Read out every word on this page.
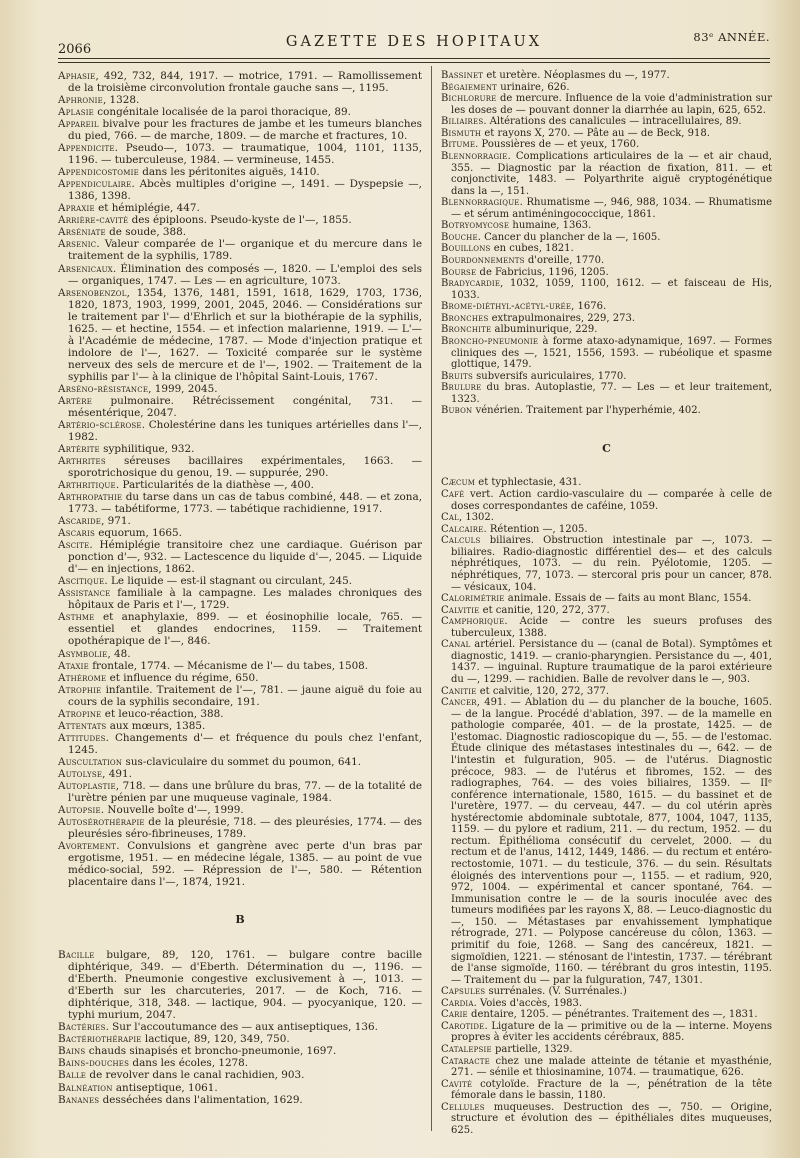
2066	GAZETTE DES HOPITAUX	83ᵉ ANNÉE.

Aphasie, 492, 732, 844, 1917. — motrice, 1791. — Ramollissement de la troisième circonvolution frontale gauche sans —, 1195.

Aphronie, 1328.

Aplasie congénitale localisée de la paroi thoracique, 89.

Appareil bivalve pour les fractures de jambe et les tumeurs blanches du pied, 766. — de marche, 1809. — de marche et fractures, 10.

Appendicite. Pseudo—, 1073. — traumatique, 1004, 1101, 1135, 1196. — tuberculeuse, 1984. — vermineuse, 1455.

Appendicostomie dans les péritonites aiguës, 1410.

Appendiculaire. Abcès multiples d'origine —, 1491. — Dyspepsie —, 1386, 1398.

Apraxie et hémiplégie, 447.

Arrière-cavité des épiploons. Pseudo-kyste de l'—, 1855.

Arséniate de soude, 388.

Arsenic. Valeur comparée de l'— organique et du mercure dans le traitement de la syphilis, 1789.

Arsenicaux. Élimination des composés —, 1820. — L'emploi des sels — organiques, 1747. — Les — en agriculture, 1073.

Arsenobenzol, 1354, 1376, 1481, 1591, 1618, 1629, 1703, 1736, 1820, 1873, 1903, 1999, 2001, 2045, 2046. — Considérations sur le traitement par l'— d'Ehrlich et sur la biothérapie de la syphilis, 1625. — et hectine, 1554. — et infection malarienne, 1919. — L'— à l'Académie de médecine, 1787. — Mode d'injection pratique et indolore de l'—, 1627. — Toxicité comparée sur le système nerveux des sels de mercure et de l'—, 1902. — Traitement de la syphilis par l'— à la clinique de l'hôpital Saint-Louis, 1767.

Arséno-résistance, 1999, 2045.

Artère pulmonaire. Rétrécissement congénital, 731. — mésentérique, 2047.

Artério-sclérose. Cholestérine dans les tuniques artérielles dans l'—, 1982.

Artérite syphilitique, 932.

Arthrites séreuses bacillaires expérimentales, 1663. — sporotrichosique du genou, 19. — suppurée, 290.

Arthritique. Particularités de la diathèse —, 400.

Arthropathie du tarse dans un cas de tabus combiné, 448. — et zona, 1773. — tabétiforme, 1773. — tabétique rachidienne, 1917.

Ascaride, 971.

Ascaris equorum, 1665.

Ascite. Hémiplégie transitoire chez une cardiaque. Guérison par ponction d'—, 932. — Lactescence du liquide d'—, 2045. — Liquide d'— en injections, 1862.

Ascitique. Le liquide — est-il stagnant ou circulant, 245.

Assistance familiale à la campagne. Les malades chroniques des hôpitaux de Paris et l'—, 1729.

Asthme et anaphylaxie, 899. — et éosinophilie locale, 765. — essentiel et glandes endocrines, 1159. — Traitement opothérapique de l'—, 846.

Asymbolie, 48.

Ataxie frontale, 1774. — Mécanisme de l'— du tabes, 1508.

Athérome et influence du régime, 650.

Atrophie infantile. Traitement de l'—, 781. — jaune aiguë du foie au cours de la syphilis secondaire, 191.

Atropine et leuco-réaction, 388.

Attentats aux mœurs, 1385.

Attitudes. Changements d'— et fréquence du pouls chez l'enfant, 1245.

Auscultation sus-claviculaire du sommet du poumon, 641.

Autolyse, 491.

Autoplastie, 718. — dans une brûlure du bras, 77. — de la totalité de l'urètre pénien par une muqueuse vaginale, 1984.

Autopsie. Nouvelle boîte d'—, 1999.

Autosérothérapie de la pleurésie, 718. — des pleurésies, 1774. — des pleurésies séro-fibrineuses, 1789.

Avortement. Convulsions et gangrène avec perte d'un bras par ergotisme, 1951. — en médecine légale, 1385. — au point de vue médico-social, 592. — Répression de l'—, 580. — Rétention placentaire dans l'—, 1874, 1921.

B

Bacille bulgare, 89, 120, 1761. — bulgare contre bacille diphtérique, 349. — d'Eberth. Détermination du —, 1196. — d'Eberth. Pneumonie congestive exclusivement à —, 1013. — d'Eberth sur les charcuteries, 2017. — de Koch, 716. — diphtérique, 318, 348. — lactique, 904. — pyocyanique, 120. — typhi murium, 2047.

Bactéries. Sur l'accoutumance des — aux antiseptiques, 136.

Bactériothérapie lactique, 89, 120, 349, 750.

Bains chauds sinapisés et broncho-pneumonie, 1697.

Bains-douches dans les écoles, 1278.

Balle de revolver dans le canal rachidien, 903.

Balnéation antiseptique, 1061.

Bananes desséchées dans l'alimentation, 1629.

Bassinet et uretère. Néoplasmes du —, 1977.

Bégaiement urinaire, 626.

Bichlorure de mercure. Influence de la voie d'administration sur les doses de — pouvant donner la diarrhée au lapin, 625, 652.

Biliaires. Altérations des canalicules — intracellulaires, 89.

Bismuth et rayons X, 270. — Pâte au — de Beck, 918.

Bitume. Poussières de — et yeux, 1760.

Blennorragie. Complications articulaires de la — et air chaud, 355. — Diagnostic par la réaction de fixation, 811. — et conjonctivite, 1483. — Polyarthrite aiguë cryptogénétique dans la —, 151.

Blennorragique. Rhumatisme —, 946, 988, 1034. — Rhumatisme — et sérum antiméningococcique, 1861.

Botryomycose humaine, 1363.

Bouche. Cancer du plancher de la —, 1605.

Bouillons en cubes, 1821.

Bourdonnements d'oreille, 1770.

Bourse de Fabricius, 1196, 1205.

Bradycardie, 1032, 1059, 1100, 1612. — et faisceau de His, 1033.

Brome-diéthyl-acétyl-urée, 1676.

Bronches extrapulmonaires, 229, 273.

Bronchite albuminurique, 229.

Broncho-pneumonie à forme ataxo-adynamique, 1697. — Formes cliniques des —, 1521, 1556, 1593. — rubéolique et spasme glottique, 1479.

Bruits subversifs auriculaires, 1770.

Brulure du bras. Autoplastie, 77. — Les — et leur traitement, 1323.

Bubon vénérien. Traitement par l'hyperhémie, 402.

C

Cæcum et typhlectasie, 431.

Café vert. Action cardio-vasculaire du — comparée à celle de doses correspondantes de caféine, 1059.

Cal, 1302.

Calcaire. Rétention —, 1205.

Calculs biliaires. Obstruction intestinale par —, 1073. — biliaires. Radio-diagnostic différentiel des— et des calculs néphrétiques, 1073. — du rein. Pyélotomie, 1205. — néphrétiques, 77, 1073. — stercoral pris pour un cancer, 878. — vésicaux, 104.

Calorimétrie animale. Essais de — faits au mont Blanc, 1554.

Calvitie et canitie, 120, 272, 377.

Camphorique. Acide — contre les sueurs profuses des tuberculeux, 1388.

Canal artériel. Persistance du — (canal de Botal). Symptômes et diagnostic, 1419. — cranio-pharyngien. Persistance du —, 401, 1437. — inguinal. Rupture traumatique de la paroi extérieure du —, 1299. — rachidien. Balle de revolver dans le —, 903.

Canitie et calvitie, 120, 272, 377.

Cancer, 491. — Ablation du — du plancher de la bouche, 1605. — de la langue. Procédé d'ablation, 397. — de la mamelle en pathologie comparée, 401. — de la prostate, 1425. — de l'estomac. Diagnostic radioscopique du —, 55. — de l'estomac. Étude clinique des métastases intestinales du —, 642. — de l'intestin et fulguration, 905. — de l'utérus. Diagnostic précoce, 983. — de l'utérus et fibromes, 152. — des radiographes, 764. — des voies biliaires, 1359. — IIᵉ conférence internationale, 1580, 1615. — du bassinet et de l'uretère, 1977. — du cerveau, 447. — du col utérin après hystérectomie abdominale subtotale, 877, 1004, 1047, 1135, 1159. — du pylore et radium, 211. — du rectum, 1952. — du rectum. Épithélioma consécutif du cervelet, 2000. — du rectum et de l'anus, 1412, 1449, 1486. — du rectum et entéro-rectostomie, 1071. — du testicule, 376. — du sein. Résultats éloignés des interventions pour —, 1155. — et radium, 920, 972, 1004. — expérimental et cancer spontané, 764. — Immunisation contre le — de la souris inoculée avec des tumeurs modifiées par les rayons X, 88. — Leuco-diagnostic du —, 150. — Métastases par envahissement lymphatique rétrograde, 271. — Polypose cancéreuse du côlon, 1363. — primitif du foie, 1268. — Sang des cancéreux, 1821. — sigmoïdien, 1221. — sténosant de l'intestin, 1737. — térébrant de l'anse sigmoïde, 1160. — térébrant du gros intestin, 1195. — Traitement du — par la fulguration, 747, 1301.

Capsules surrénales. (V. Surrénales.)

Cardia. Voies d'accès, 1983.

Carie dentaire, 1205. — pénétrantes. Traitement des —, 1831.

Carotide. Ligature de la — primitive ou de la — interne. Moyens propres à éviter les accidents cérébraux, 885.

Catalepsie partielle, 1329.

Cataracte chez une malade atteinte de tétanie et myasthénie, 271. — sénile et thiosinamine, 1074. — traumatique, 626.

Cavité cotyloïde. Fracture de la —, pénétration de la tête fémorale dans le bassin, 1180.

Cellules muqueuses. Destruction des —, 750. — Origine, structure et évolution des — épithéliales dites muqueuses, 625.
